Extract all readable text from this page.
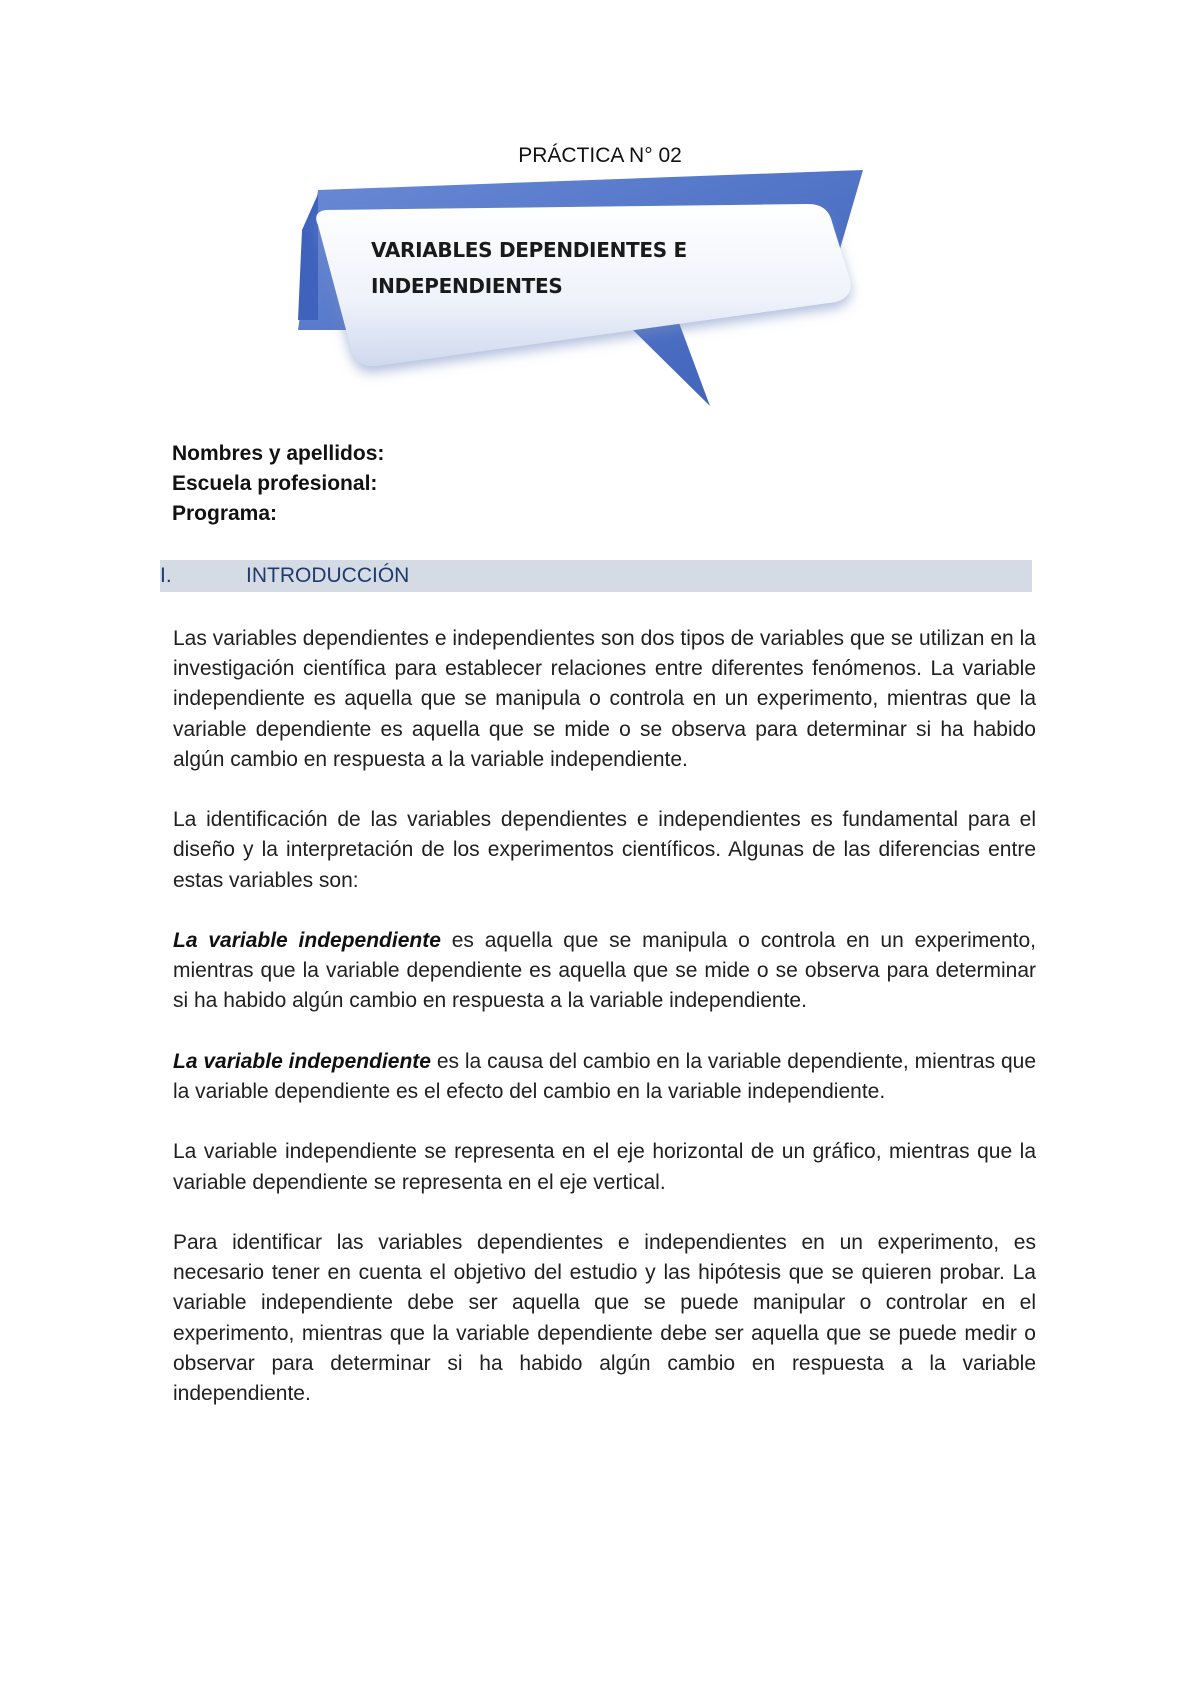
PRÁCTICA N° 02
VARIABLES DEPENDIENTES E
INDEPENDIENTES
Nombres y apellidos:
Escuela profesional:
Programa:
I.	INTRODUCCIÓN

Las variables dependientes e independientes son dos tipos de variables que se utilizan en la investigación científica para establecer relaciones entre diferentes fenómenos. La variable independiente es aquella que se manipula o controla en un experimento, mientras que la variable dependiente es aquella que se mide o se observa para determinar si ha habido algún cambio en respuesta a la variable independiente.

La identificación de las variables dependientes e independientes es fundamental para el diseño y la interpretación de los experimentos científicos. Algunas de las diferencias entre estas variables son:

La variable independiente es aquella que se manipula o controla en un experimento, mientras que la variable dependiente es aquella que se mide o se observa para determinar si ha habido algún cambio en respuesta a la variable independiente.

La variable independiente es la causa del cambio en la variable dependiente, mientras que la variable dependiente es el efecto del cambio en la variable independiente.

La variable independiente se representa en el eje horizontal de un gráfico, mientras que la variable dependiente se representa en el eje vertical.

Para identificar las variables dependientes e independientes en un experimento, es necesario tener en cuenta el objetivo del estudio y las hipótesis que se quieren probar. La variable independiente debe ser aquella que se puede manipular o controlar en el experimento, mientras que la variable dependiente debe ser aquella que se puede medir o observar para determinar si ha habido algún cambio en respuesta a la variable independiente.
